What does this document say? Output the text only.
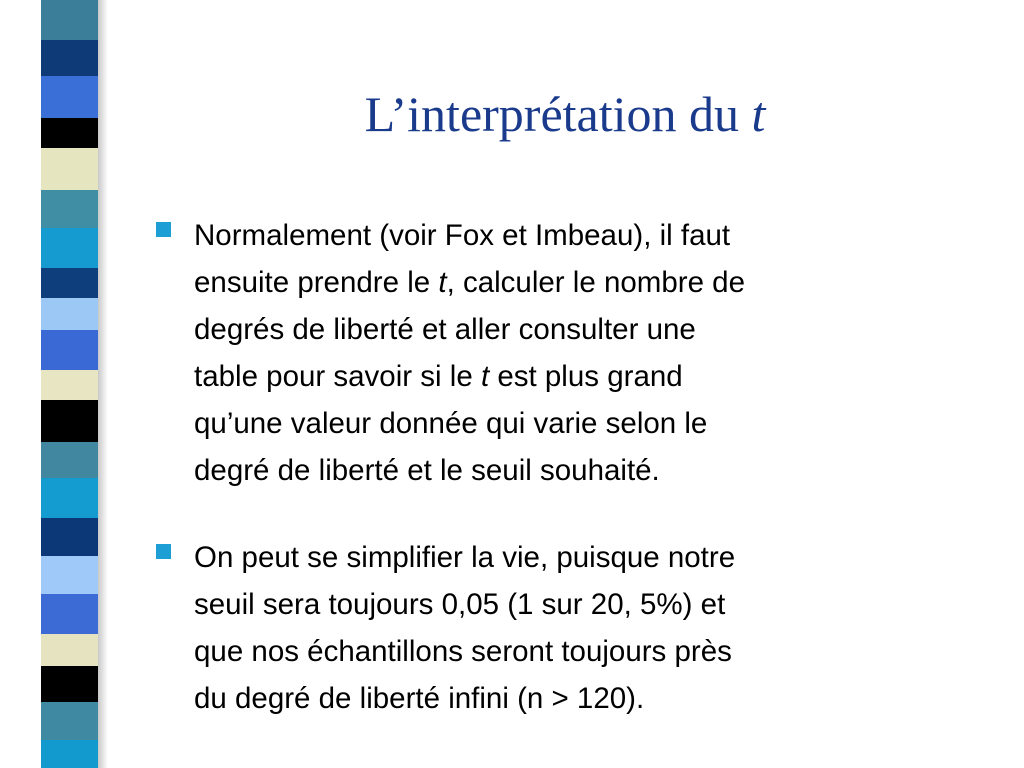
L’interprétation du t
Normalement (voir Fox et Imbeau), il faut
ensuite prendre le t, calculer le nombre de
degrés de liberté et aller consulter une
table pour savoir si le t est plus grand
qu’une valeur donnée qui varie selon le
degré de liberté et le seuil souhaité.
On peut se simplifier la vie, puisque notre
seuil sera toujours 0,05 (1 sur 20, 5%) et
que nos échantillons seront toujours près
du degré de liberté infini (n > 120).
